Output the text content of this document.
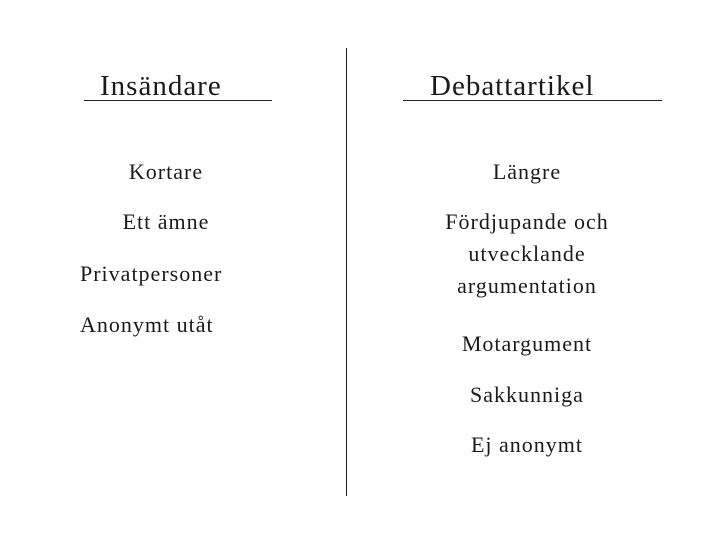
Insändare
Kortare
Ett ämne
Privatpersoner
Anonymt utåt
Debattartikel
Längre
Fördjupande och
utvecklande
argumentation
Motargument
Sakkunniga
Ej anonymt
